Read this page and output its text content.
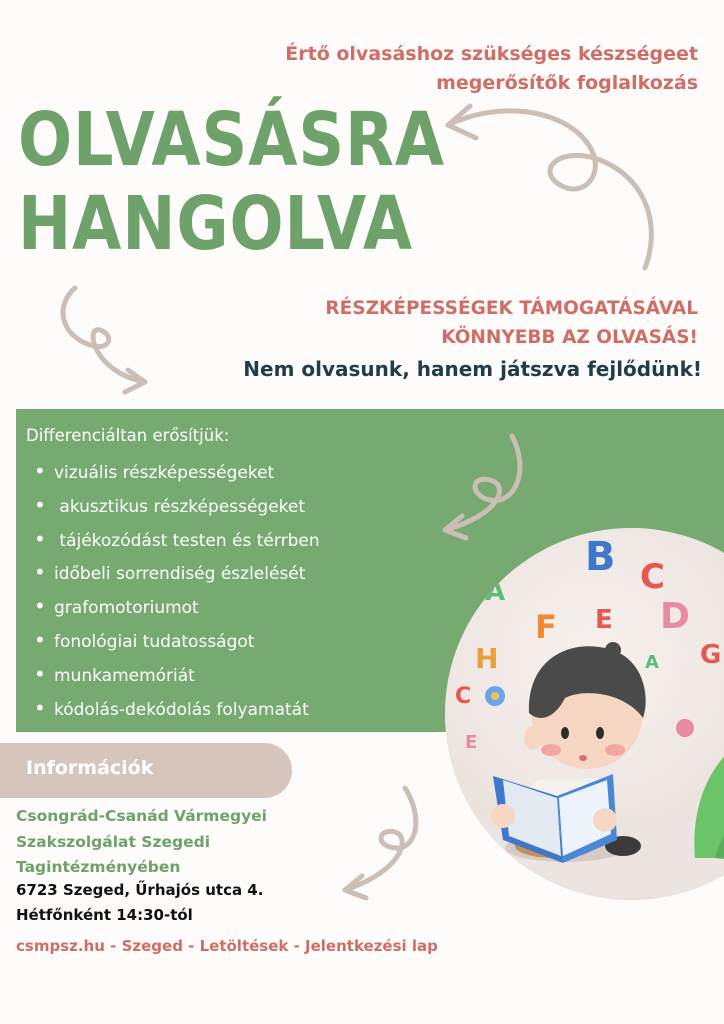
Értő olvasáshoz szükséges készségeet
megerősítők foglalkozás
OLVASÁSRA
HANGOLVA
RÉSZKÉPESSÉGEK TÁMOGATÁSÁVAL
KÖNNYEBB AZ OLVASÁS!
Nem olvasunk, hanem játszva fejlődünk!
Differenciáltan erősítjük:
• vizuális részképességeket
• akusztikus részképességeket
• tájékozódást testen és térrben
• időbeli sorrendiség észlelését
• grafomotoriumot
• fonológiai tudatosságot
• munkamemóriát
• kódolás-dekódolás folyamatát
B C
A
D
F
H
E
G
C
E
A
Információk
Csongrád-Csanád Vármegyei
Szakszolgálat Szegedi
Tagintézményében
6723 Szeged, Űrhajós utca 4.
Hétfőnként 14:30-tól
csmpsz.hu - Szeged - Letöltések - Jelentkezési lap
